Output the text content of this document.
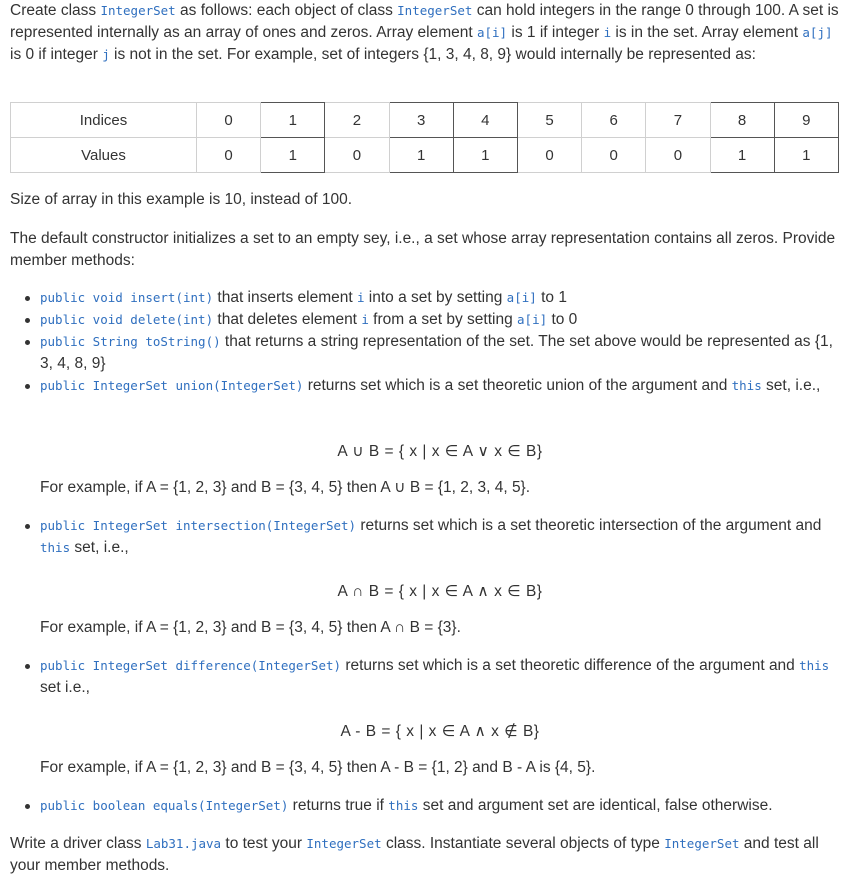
Create class IntegerSet as follows: each object of class IntegerSet can hold integers in the range 0 through 100. A set is represented internally as an array of ones and zeros. Array element a[i] is 1 if integer i is in the set. Array element a[j] is 0 if integer j is not in the set. For example, set of integers {1, 3, 4, 8, 9} would internally be represented as:

Indices	0	1	2	3	4	5	6	7	8	9
Values	0	1	0	1	1	0	0	0	1	1

Size of array in this example is 10, instead of 100.

The default constructor initializes a set to an empty sey, i.e., a set whose array representation contains all zeros. Provide member methods:

public void insert(int) that inserts element i into a set by setting a[i] to 1
public void delete(int) that deletes element i from a set by setting a[i] to 0
public String toString() that returns a string representation of the set. The set above would be represented as {1, 3, 4, 8, 9}
public IntegerSet union(IntegerSet) returns set which is a set theoretic union of the argument and this set, i.e.,
public IntegerSet intersection(IntegerSet) returns set which is a set theoretic intersection of the argument and this set, i.e.,
public IntegerSet difference(IntegerSet) returns set which is a set theoretic difference of the argument and this set i.e.,
public boolean equals(IntegerSet) returns true if this set and argument set are identical, false otherwise.
A ∪ B = { x | x ∈ A ∨ x ∈ B}
For example, if A = {1, 2, 3} and B = {3, 4, 5} then A ∪ B = {1, 2, 3, 4, 5}.
A ∩ B = { x | x ∈ A ∧ x ∈ B}
For example, if A = {1, 2, 3} and B = {3, 4, 5} then A ∩ B = {3}.
A - B = { x | x ∈ A ∧ x ∉ B}
For example, if A = {1, 2, 3} and B = {3, 4, 5} then A - B = {1, 2} and B - A is {4, 5}.

Write a driver class Lab31.java to test your IntegerSet class. Instantiate several objects of type IntegerSet and test all your member methods.
